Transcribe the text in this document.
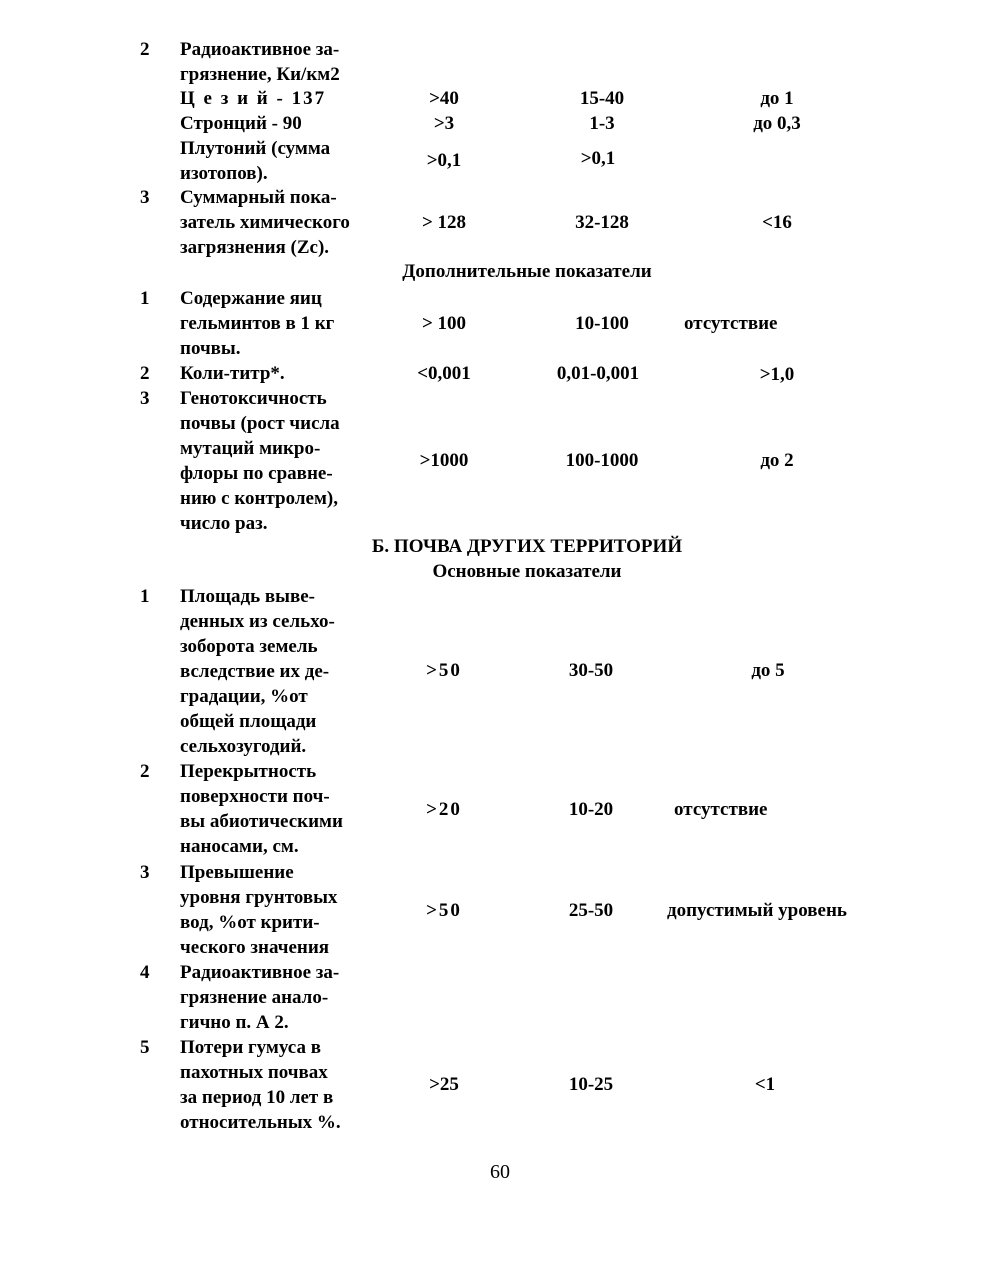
2	Радиоактивное за-
грязнение, Ки/км2
Ц е з и й - 137	>40	15-40	до 1
Стронций - 90	>3	1-3	до 0,3
Плутоний (сумма
изотопов).
>0,1	>0,1
3	Суммарный пока-
затель химического
загрязнения (Zc).
> 128	32-128	<16
Дополнительные показатели
1	Содержание яиц
гельминтов в 1 кг
почвы.
> 100	10-100	отсутствие
2	Коли-титр*.	<0,001	0,01-0,001	>1,0
3	Генотоксичность
почвы (рост числа
мутаций микро-
флоры по сравне-
нию с контролем),
число раз.
>1000	100-1000	до 2
Б. ПОЧВА ДРУГИХ ТЕРРИТОРИЙ
Основные показатели
1	Площадь выве-
денных из сельхо-
зоборота земель
вследствие их де-
градации, %от
общей площади
сельхозугодий.
>50	30-50	до 5
2	Перекрытность
поверхности поч-
вы абиотическими
наносами, см.
>20	10-20	отсутствие
3	Превышение
уровня грунтовых
вод, %от крити-
ческого значения
>50	25-50	допустимый уровень
4	Радиоактивное за-
грязнение анало-
гично п. А 2.
5	Потери гумуса в
пахотных почвах
за период 10 лет в
относительных %.
>25	10-25	<1
60
